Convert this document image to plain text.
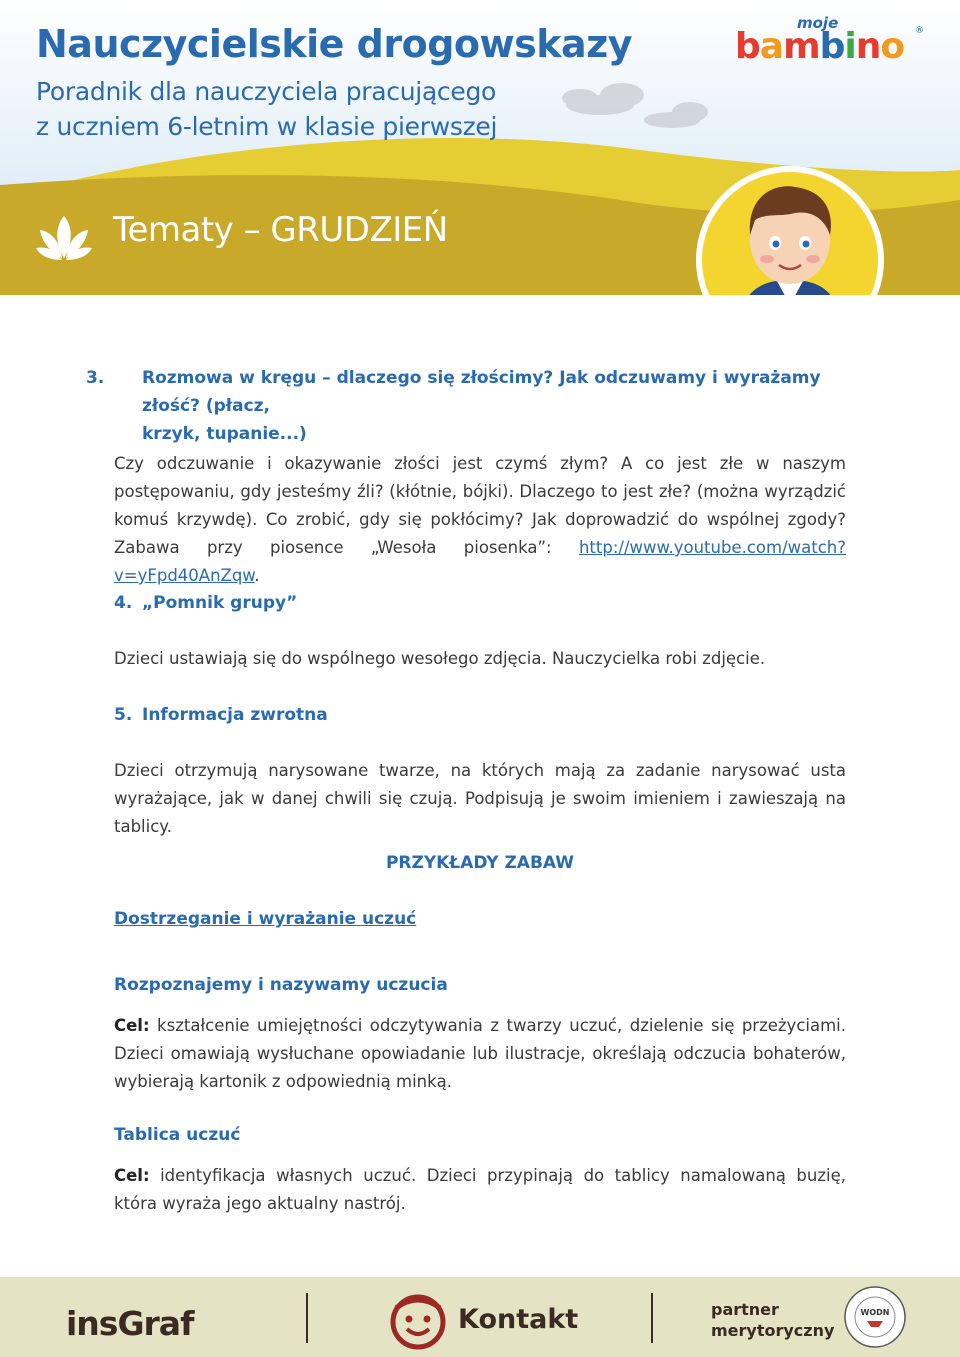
Nauczycielskie drogowskazy
Poradnik dla nauczyciela pracującego
z uczniem 6-letnim w klasie pierwszej
Tematy – GRUDZIEŃ
moje
bambino ®
3. Rozmowa w kręgu – dlaczego się złościmy? Jak odczuwamy i wyrażamy złość? (płacz,
krzyk, tupanie...)
Czy odczuwanie i okazywanie złości jest czymś złym? A co jest złe w naszym postępowaniu, gdy jesteśmy źli? (kłótnie, bójki). Dlaczego to jest złe? (można wyrządzić komuś krzywdę). Co zrobić, gdy się pokłócimy? Jak doprowadzić do wspólnej zgody? Zabawa przy piosence „Wesoła piosenka”: http://www.youtube.com/watch?v=yFpd40AnZqw.
4. „Pomnik grupy”
Dzieci ustawiają się do wspólnego wesołego zdjęcia. Nauczycielka robi zdjęcie.
5. Informacja zwrotna
Dzieci otrzymują narysowane twarze, na których mają za zadanie narysować usta wyrażające, jak w danej chwili się czują. Podpisują je swoim imieniem i zawieszają na tablicy.
PRZYKŁADY ZABAW
Dostrzeganie i wyrażanie uczuć
Rozpoznajemy i nazywamy uczucia
Cel: kształcenie umiejętności odczytywania z twarzy uczuć, dzielenie się przeżyciami. Dzieci omawiają wysłuchane opowiadanie lub ilustracje, określają odczucia bohaterów, wybierają kartonik z odpowiednią minką.
Tablica uczuć
Cel: identyfikacja własnych uczuć. Dzieci przypinają do tablicy namalowaną buzię, która wyraża jego aktualny nastrój.
insGraf	Kontakt	partner
merytoryczny
WODN
